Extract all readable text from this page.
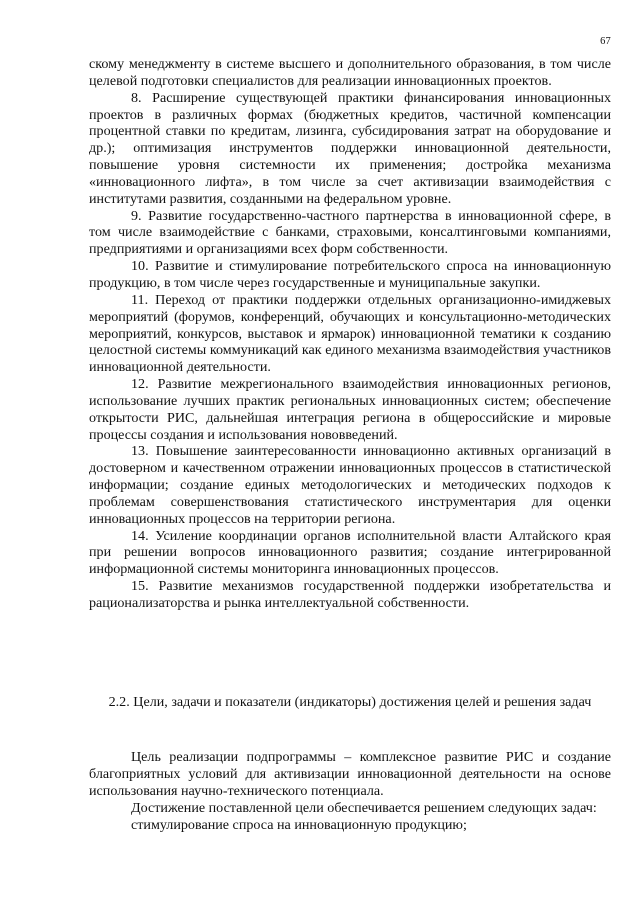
67

скому менеджменту в системе высшего и дополнительного образования, в том числе целевой подготовки специалистов для реализации инновационных проектов.

8. Расширение существующей практики финансирования инновационных проектов в различных формах (бюджетных кредитов, частичной компенсации процентной ставки по кредитам, лизинга, субсидирования затрат на оборудование и др.); оптимизация инструментов поддержки инновационной деятельности, повышение уровня системности их применения; достройка механизма «инновационного лифта», в том числе за счет активизации взаимодействия с институтами развития, созданными на федеральном уровне.

9. Развитие государственно-частного партнерства в инновационной сфере, в том числе взаимодействие с банками, страховыми, консалтинговыми компаниями, предприятиями и организациями всех форм собственности.

10. Развитие и стимулирование потребительского спроса на инновационную продукцию, в том числе через государственные и муниципальные закупки.

11. Переход от практики поддержки отдельных организационно-имиджевых мероприятий (форумов, конференций, обучающих и консультационно-методических мероприятий, конкурсов, выставок и ярмарок) инновационной тематики к созданию целостной системы коммуникаций как единого механизма взаимодействия участников инновационной деятельности.

12. Развитие межрегионального взаимодействия инновационных регионов, использование лучших практик региональных инновационных систем; обеспечение открытости РИС, дальнейшая интеграция региона в общероссийские и мировые процессы создания и использования нововведений.

13. Повышение заинтересованности инновационно активных организаций в достоверном и качественном отражении инновационных процессов в статистической информации; создание единых методологических и методических подходов к проблемам совершенствования статистического инструментария для оценки инновационных процессов на территории региона.

14. Усиление координации органов исполнительной власти Алтайского края при решении вопросов инновационного развития; создание интегрированной информационной системы мониторинга инновационных процессов.

15. Развитие механизмов государственной поддержки изобретательства и рационализаторства и рынка интеллектуальной собственности.

2.2. Цели, задачи и показатели (индикаторы) достижения целей и решения задач

Цель реализации подпрограммы – комплексное развитие РИС и создание благоприятных условий для активизации инновационной деятельности на основе использования научно-технического потенциала.

Достижение поставленной цели обеспечивается решением следующих задач:

стимулирование спроса на инновационную продукцию;
